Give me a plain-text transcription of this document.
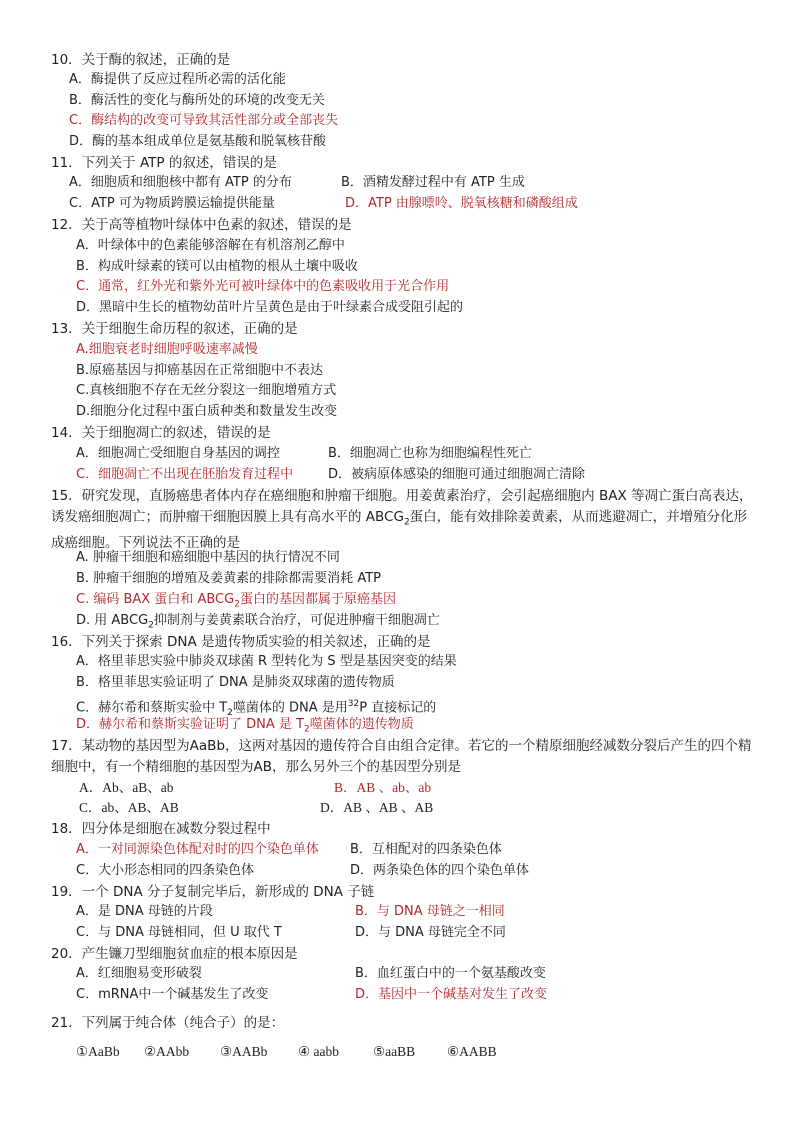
10．关于酶的叙述，正确的是
A．酶提供了反应过程所必需的活化能
B．酶活性的变化与酶所处的环境的改变无关
C．酶结构的改变可导致其活性部分或全部丧失
D．酶的基本组成单位是氨基酸和脱氧核苷酸
11．下列关于 ATP 的叙述，错误的是
A．细胞质和细胞核中都有 ATP 的分布	B．酒精发酵过程中有 ATP 生成
C．ATP 可为物质跨膜运输提供能量	D．ATP 由腺嘌呤、脱氧核糖和磷酸组成
12．关于高等植物叶绿体中色素的叙述，错误的是
A．叶绿体中的色素能够溶解在有机溶剂乙醇中
B．构成叶绿素的镁可以由植物的根从土壤中吸收
C．通常，红外光和紫外光可被叶绿体中的色素吸收用于光合作用
D．黑暗中生长的植物幼苗叶片呈黄色是由于叶绿素合成受阻引起的
13．关于细胞生命历程的叙述，正确的是
A.细胞衰老时细胞呼吸速率减慢
B.原癌基因与抑癌基因在正常细胞中不表达
C.真核细胞不存在无丝分裂这一细胞增殖方式
D.细胞分化过程中蛋白质种类和数量发生改变
14．关于细胞凋亡的叙述，错误的是
A．细胞凋亡受细胞自身基因的调控	B．细胞凋亡也称为细胞编程性死亡
C．细胞凋亡不出现在胚胎发育过程中	D．被病原体感染的细胞可通过细胞凋亡清除
15．研究发现，直肠癌患者体内存在癌细胞和肿瘤干细胞。用姜黄素治疗，会引起癌细胞内 BAX 等凋亡蛋白高表达，诱发癌细胞凋亡；而肿瘤干细胞因膜上具有高水平的 $ABCG_2$蛋白，能有效排除姜黄素，从而逃避凋亡，并增殖分化形成癌细胞。下列说法不正确的是
A. 肿瘤干细胞和癌细胞中基因的执行情况不同
B. 肿瘤干细胞的增殖及姜黄素的排除都需要消耗 ATP
C. 编码 BAX 蛋白和 $ABCG_2$蛋白的基因都属于原癌基因
D. 用 $ABCG_2$抑制剂与姜黄素联合治疗，可促进肿瘤干细胞凋亡
16．下列关于探索 DNA 是遗传物质实验的相关叙述，正确的是
A．格里菲思实验中肺炎双球菌 R 型转化为 S 型是基因突变的结果
B．格里菲思实验证明了 DNA 是肺炎双球菌的遗传物质
C．赫尔希和蔡斯实验中 $T_2$噬菌体的 DNA 是用$^{32}$P 直接标记的
D．赫尔希和蔡斯实验证明了 DNA 是 $T_2$噬菌体的遗传物质
17．某动物的基因型为AaBb，这两对基因的遗传符合自由组合定律。若它的一个精原细胞经减数分裂后产生的四个精细胞中，有一个精细胞的基因型为AB，那么另外三个的基因型分别是
A．Ab、aB、ab	B．AB 、ab、ab
C．ab、AB、AB	D．AB 、AB 、AB
18．四分体是细胞在减数分裂过程中
A．一对同源染色体配对时的四个染色单体 B．互相配对的四条染色体
C．大小形态相同的四条染色体	D．两条染色体的四个染色单体
19．一个 DNA 分子复制完毕后，新形成的 DNA 子链
A．是 DNA 母链的片段	B．与 DNA 母链之一相同
C．与 DNA 母链相同，但 U 取代 T	D．与 DNA 母链完全不同
20．产生镰刀型细胞贫血症的根本原因是
A．红细胞易变形破裂	B．血红蛋白中的一个氨基酸改变
C．mRNA中一个碱基发生了改变	D．基因中一个碱基对发生了改变
21．下列属于纯合体（纯合子）的是：
①AaBb ②AAbb ③AABb ④ aabb	⑤aaBB ⑥AABB
